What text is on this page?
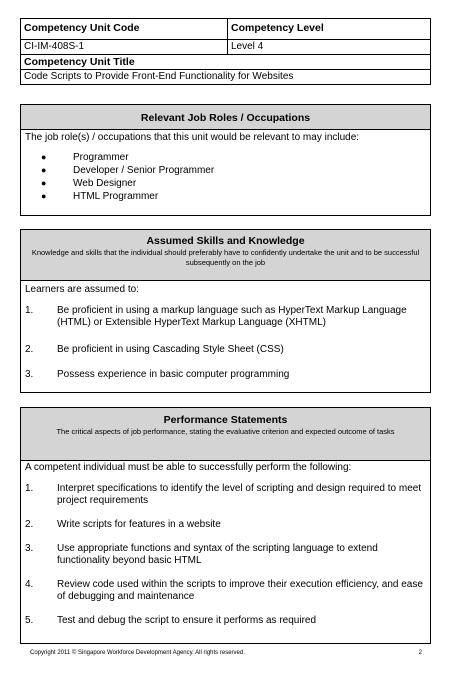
Competency Unit Code	Competency Level
CI-IM-408S-1	Level 4
Competency Unit Title	
Code Scripts to Provide Front-End Functionality for Websites	
Relevant Job Roles / Occupations
The job role(s) / occupations that this unit would be relevant to may include:
●	Programmer
●	Developer / Senior Programmer
●	Web Designer
●	HTML Programmer
Assumed Skills and Knowledge
Knowledge and skills that the individual should preferably have to confidently undertake the unit and to be successful subsequently on the job
Learners are assumed to:
1. Be proficient in using a markup language such as HyperText Markup Language (HTML) or Extensible HyperText Markup Language (XHTML)
2. Be proficient in using Cascading Style Sheet (CSS)
3. Possess experience in basic computer programming
Performance Statements
The critical aspects of job performance, stating the evaluative criterion and expected outcome of tasks
A competent individual must be able to successfully perform the following:
1. Interpret specifications to identify the level of scripting and design required to meet project requirements
2. Write scripts for features in a website
3. Use appropriate functions and syntax of the scripting language to extend functionality beyond basic HTML
4. Review code used within the scripts to improve their execution efficiency, and ease of debugging and maintenance
5. Test and debug the script to ensure it performs as required
Copyright 2011 © Singapore Workforce Development Agency. All rights reserved.	2
